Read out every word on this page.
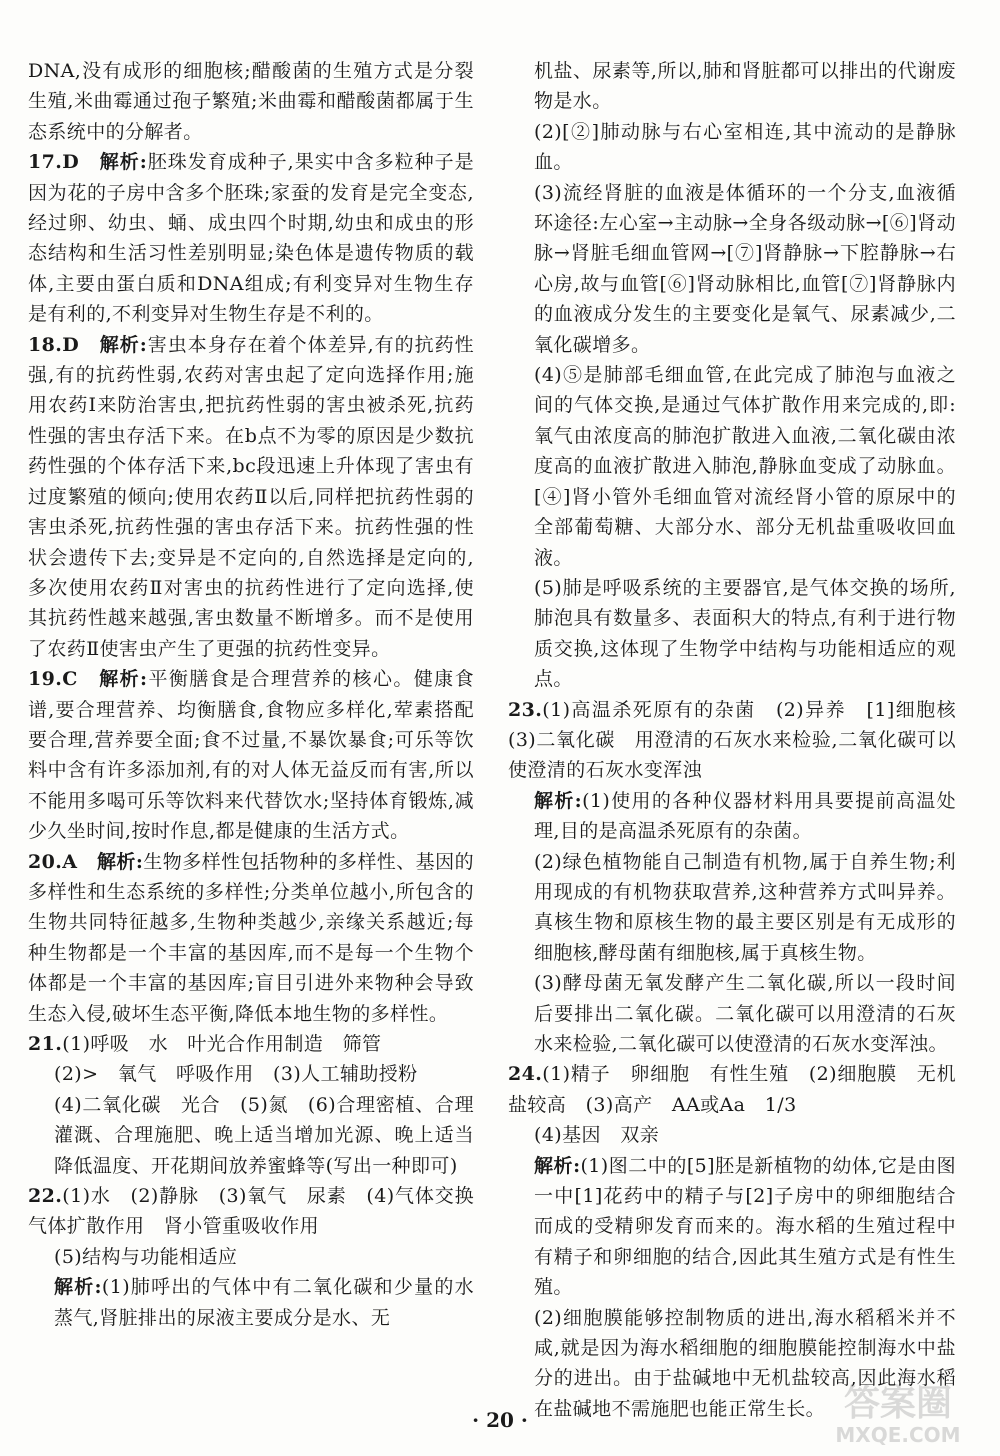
DNA,没有成形的细胞核;醋酸菌的生殖方式是分裂生殖,米曲霉通过孢子繁殖;米曲霉和醋酸菌都属于生态系统中的分解者。

17.D　 解析:胚珠发育成种子,果实中含多粒种子是因为花的子房中含多个胚珠;家蚕的发育是完全变态,经过卵、幼虫、蛹、成虫四个时期,幼虫和成虫的形态结构和生活习性差别明显;染色体是遗传物质的载体,主要由蛋白质和DNA组成;有利变异对生物生存是有利的,不利变异对生物生存是不利的。

18.D　 解析:害虫本身存在着个体差异,有的抗药性强,有的抗药性弱,农药对害虫起了定向选择作用;施用农药Ⅰ来防治害虫,把抗药性弱的害虫被杀死,抗药性强的害虫存活下来。在b点不为零的原因是少数抗药性强的个体存活下来,bc段迅速上升体现了害虫有过度繁殖的倾向;使用农药Ⅱ以后,同样把抗药性弱的害虫杀死,抗药性强的害虫存活下来。抗药性强的性状会遗传下去;变异是不定向的,自然选择是定向的,多次使用农药Ⅱ对害虫的抗药性进行了定向选择,使其抗药性越来越强,害虫数量不断增多。而不是使用了农药Ⅱ使害虫产生了更强的抗药性变异。

19.C　 解析:平衡膳食是合理营养的核心。健康食谱,要合理营养、均衡膳食,食物应多样化,荤素搭配要合理,营养要全面;食不过量,不暴饮暴食;可乐等饮料中含有许多添加剂,有的对人体无益反而有害,所以不能用多喝可乐等饮料来代替饮水;坚持体育锻炼,减少久坐时间,按时作息,都是健康的生活方式。

20.A　 解析:生物多样性包括物种的多样性、基因的多样性和生态系统的多样性;分类单位越小,所包含的生物共同特征越多,生物种类越少,亲缘关系越近;每种生物都是一个丰富的基因库,而不是每一个生物个体都是一个丰富的基因库;盲目引进外来物种会导致生态入侵,破坏生态平衡,降低本地生物的多样性。

21.(1)呼吸　水　叶光合作用制造　筛管

(2)>　氧气　呼吸作用　(3)人工辅助授粉

(4)二氧化碳　光合　(5)氮　(6)合理密植、合理灌溉、合理施肥、晚上适当增加光源、晚上适当降低温度、开花期间放养蜜蜂等(写出一种即可)

22.(1)水　(2)静脉　(3)氧气　尿素　(4)气体交换　气体扩散作用　肾小管重吸收作用

(5)结构与功能相适应

解析:(1)肺呼出的气体中有二氧化碳和少量的水蒸气,肾脏排出的尿液主要成分是水、无

机盐、尿素等,所以,肺和肾脏都可以排出的代谢废物是水。

(2)[②]肺动脉与右心室相连,其中流动的是静脉血。

(3)流经肾脏的血液是体循环的一个分支,血液循环途径:左心室→主动脉→全身各级动脉→[⑥]肾动脉→肾脏毛细血管网→[⑦]肾静脉→下腔静脉→右心房,故与血管[⑥]肾动脉相比,血管[⑦]肾静脉内的血液成分发生的主要变化是氧气、尿素减少,二氧化碳增多。

(4)⑤是肺部毛细血管,在此完成了肺泡与血液之间的气体交换,是通过气体扩散作用来完成的,即:氧气由浓度高的肺泡扩散进入血液,二氧化碳由浓度高的血液扩散进入肺泡,静脉血变成了动脉血。[④]肾小管外毛细血管对流经肾小管的原尿中的全部葡萄糖、大部分水、部分无机盐重吸收回血液。

(5)肺是呼吸系统的主要器官,是气体交换的场所,肺泡具有数量多、表面积大的特点,有利于进行物质交换,这体现了生物学中结构与功能相适应的观点。

23.(1)高温杀死原有的杂菌　(2)异养　[1]细胞核　(3)二氧化碳　用澄清的石灰水来检验,二氧化碳可以使澄清的石灰水变浑浊

解析:(1)使用的各种仪器材料用具要提前高温处理,目的是高温杀死原有的杂菌。

(2)绿色植物能自己制造有机物,属于自养生物;利用现成的有机物获取营养,这种营养方式叫异养。真核生物和原核生物的最主要区别是有无成形的细胞核,酵母菌有细胞核,属于真核生物。

(3)酵母菌无氧发酵产生二氧化碳,所以一段时间后要排出二氧化碳。二氧化碳可以用澄清的石灰水来检验,二氧化碳可以使澄清的石灰水变浑浊。

24.(1)精子　卵细胞　有性生殖　(2)细胞膜　无机盐较高　(3)高产　AA或Aa　1/3

(4)基因　双亲

解析:(1)图二中的[5]胚是新植物的幼体,它是由图一中[1]花药中的精子与[2]子房中的卵细胞结合而成的受精卵发育而来的。海水稻的生殖过程中有精子和卵细胞的结合,因此其生殖方式是有性生殖。

(2)细胞膜能够控制物质的进出,海水稻稻米并不咸,就是因为海水稻细胞的细胞膜能控制海水中盐分的进出。由于盐碱地中无机盐较高,因此海水稻在盐碱地不需施肥也能正常生长。

· 20 ·	答案圈
MXQE.COM
